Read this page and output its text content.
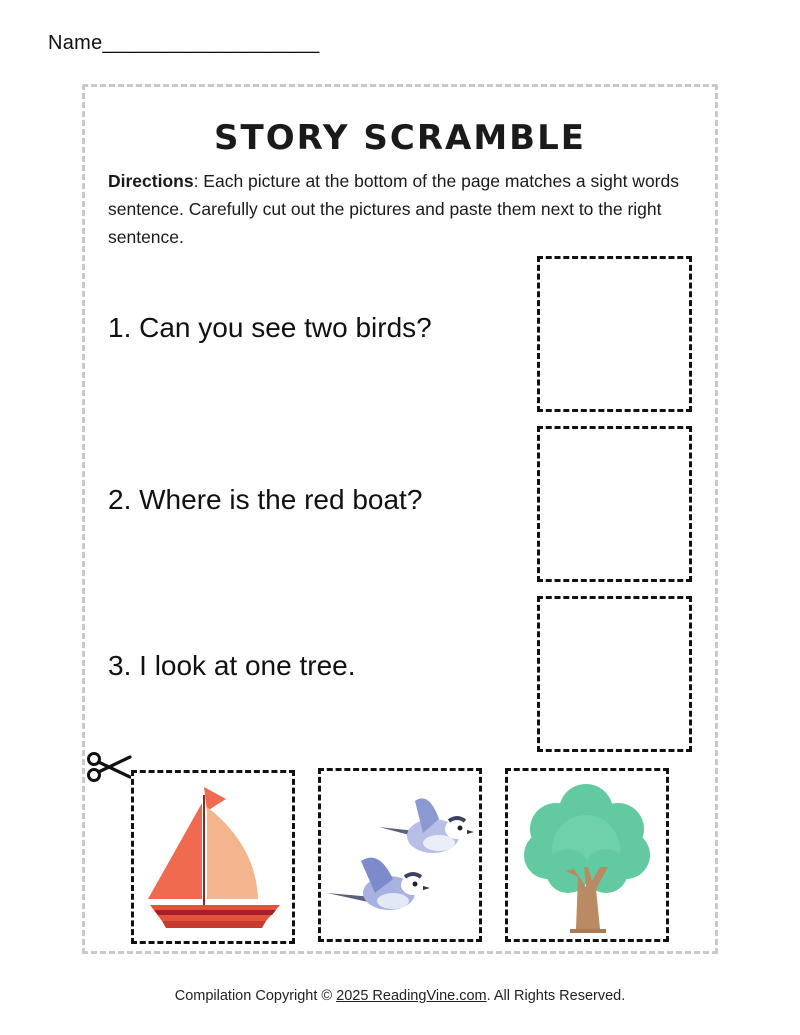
Name___________________
STORY SCRAMBLE
Directions: Each picture at the bottom of the page matches a sight words sentence. Carefully cut out the pictures and paste them next to the right sentence.
1. Can you see two birds?
2. Where is the red boat?
3. I look at one tree.
Compilation Copyright © 2025 ReadingVine.com. All Rights Reserved.
